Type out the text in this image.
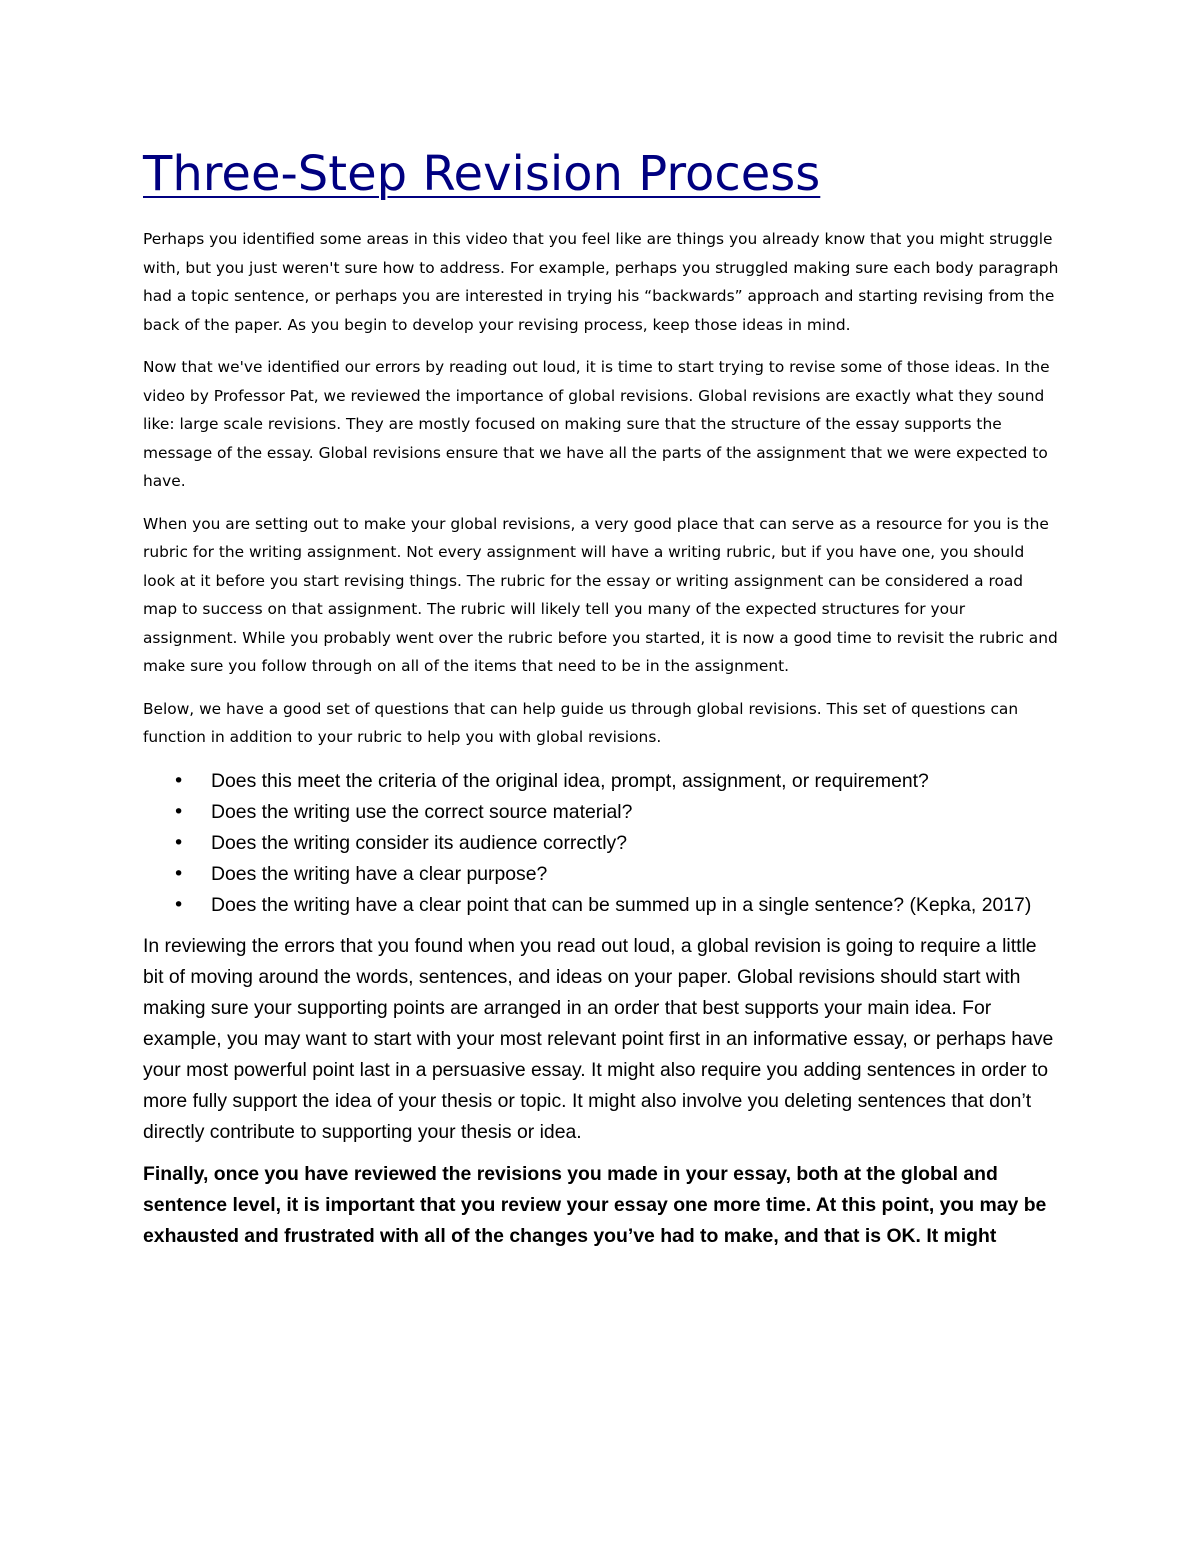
Three-Step Revision Process

Perhaps you identified some areas in this video that you feel like are things you already know that you might struggle with, but you just weren't sure how to address. For example, perhaps you struggled making sure each body paragraph had a topic sentence, or perhaps you are interested in trying his “backwards” approach and starting revising from the back of the paper. As you begin to develop your revising process, keep those ideas in mind.

Now that we've identified our errors by reading out loud, it is time to start trying to revise some of those ideas. In the video by Professor Pat, we reviewed the importance of global revisions. Global revisions are exactly what they sound like: large scale revisions. They are mostly focused on making sure that the structure of the essay supports the message of the essay. Global revisions ensure that we have all the parts of the assignment that we were expected to have.

When you are setting out to make your global revisions, a very good place that can serve as a resource for you is the rubric for the writing assignment. Not every assignment will have a writing rubric, but if you have one, you should look at it before you start revising things. The rubric for the essay or writing assignment can be considered a road map to success on that assignment. The rubric will likely tell you many of the expected structures for your assignment. While you probably went over the rubric before you started, it is now a good time to revisit the rubric and make sure you follow through on all of the items that need to be in the assignment.

Below, we have a good set of questions that can help guide us through global revisions. This set of questions can function in addition to your rubric to help you with global revisions.

• Does this meet the criteria of the original idea, prompt, assignment, or requirement?
• Does the writing use the correct source material?
• Does the writing consider its audience correctly?
• Does the writing have a clear purpose?
• Does the writing have a clear point that can be summed up in a single sentence? (Kepka, 2017)

In reviewing the errors that you found when you read out loud, a global revision is going to require a little bit of moving around the words, sentences, and ideas on your paper. Global revisions should start with making sure your supporting points are arranged in an order that best supports your main idea. For example, you may want to start with your most relevant point first in an informative essay, or perhaps have your most powerful point last in a persuasive essay. It might also require you adding sentences in order to more fully support the idea of your thesis or topic. It might also involve you deleting sentences that don’t directly contribute to supporting your thesis or idea.

Finally, once you have reviewed the revisions you made in your essay, both at the global and sentence level, it is important that you review your essay one more time. At this point, you may be exhausted and frustrated with all of the changes you’ve had to make, and that is OK. It might
